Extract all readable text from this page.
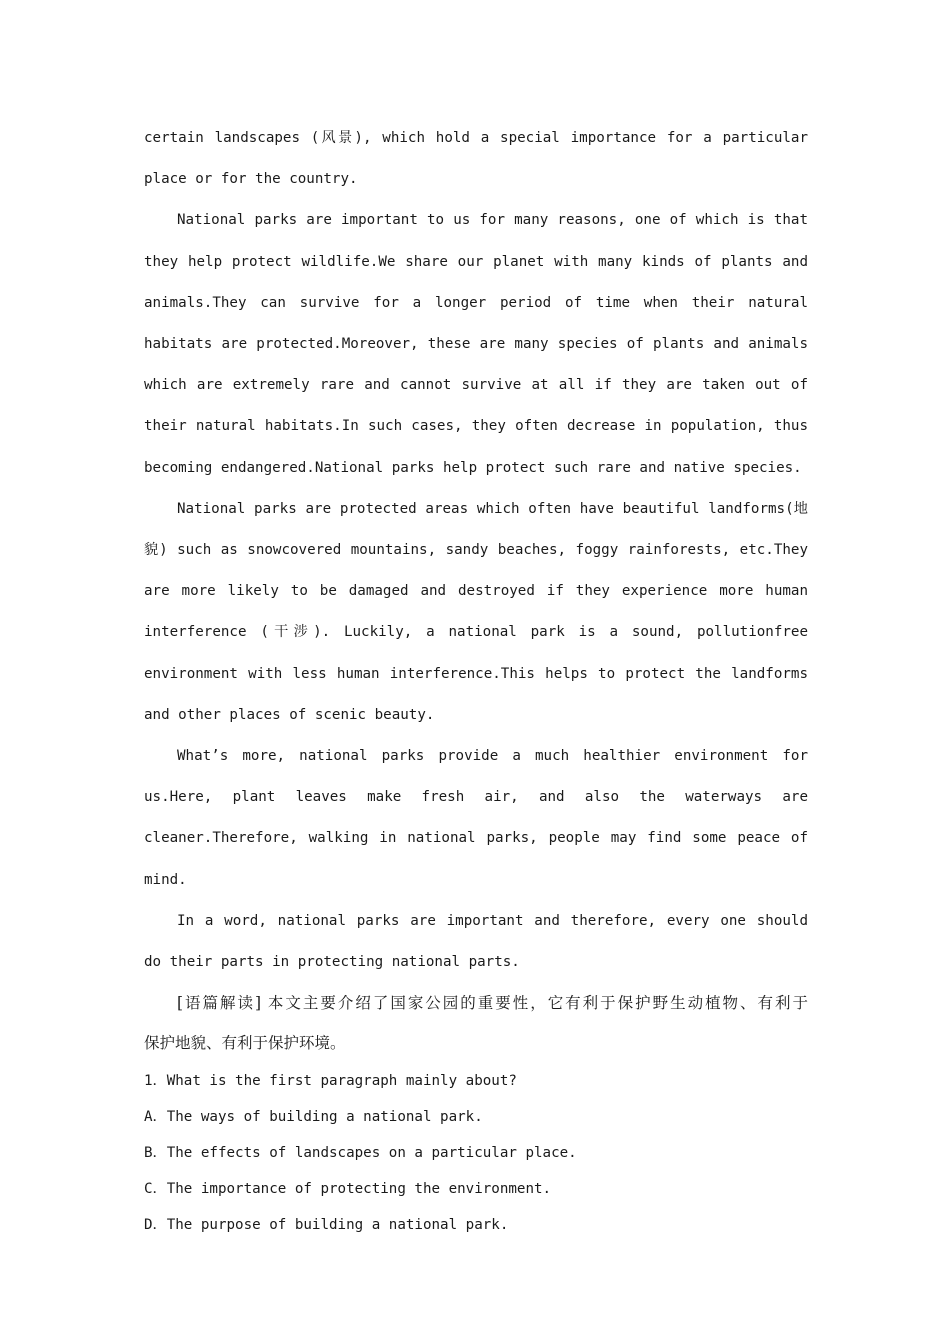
certain landscapes (风景), which hold a special importance for a particular
place or for the country.
National parks are important to us for many reasons, one of which is that
they help protect wildlife.We share our planet with many kinds of plants and
animals.They can survive for a longer period of time when their natural
habitats are protected.Moreover, these are many species of plants and animals
which are extremely rare and cannot survive at all if they are taken out of
their natural habitats.In such cases, they often decrease in population, thus
becoming endangered.National parks help protect such rare and native species.
National parks are protected areas which often have beautiful landforms(地
貌) such as snowcovered mountains, sandy beaches, foggy rainforests, etc.They
are more likely to be damaged and destroyed if they experience more human
interference (干涉). Luckily, a national park is a sound, pollutionfree
environment with less human interference.This helps to protect the landforms
and other places of scenic beauty.
What’s more, national parks provide a much healthier environment for
us.Here, plant leaves make fresh air, and also the waterways are
cleaner.Therefore, walking in national parks, people may find some peace of
mind.
In a word, national parks are important and therefore, every one should
do their parts in protecting national parts.
[语篇解读] 本文主要介绍了国家公园的重要性，它有利于保护野生动植物、有利于
保护地貌、有利于保护环境。
1．What is the first paragraph mainly about?
A．The ways of building a national park.
B．The effects of landscapes on a particular place.
C．The importance of protecting the environment.
D．The purpose of building a national park.
